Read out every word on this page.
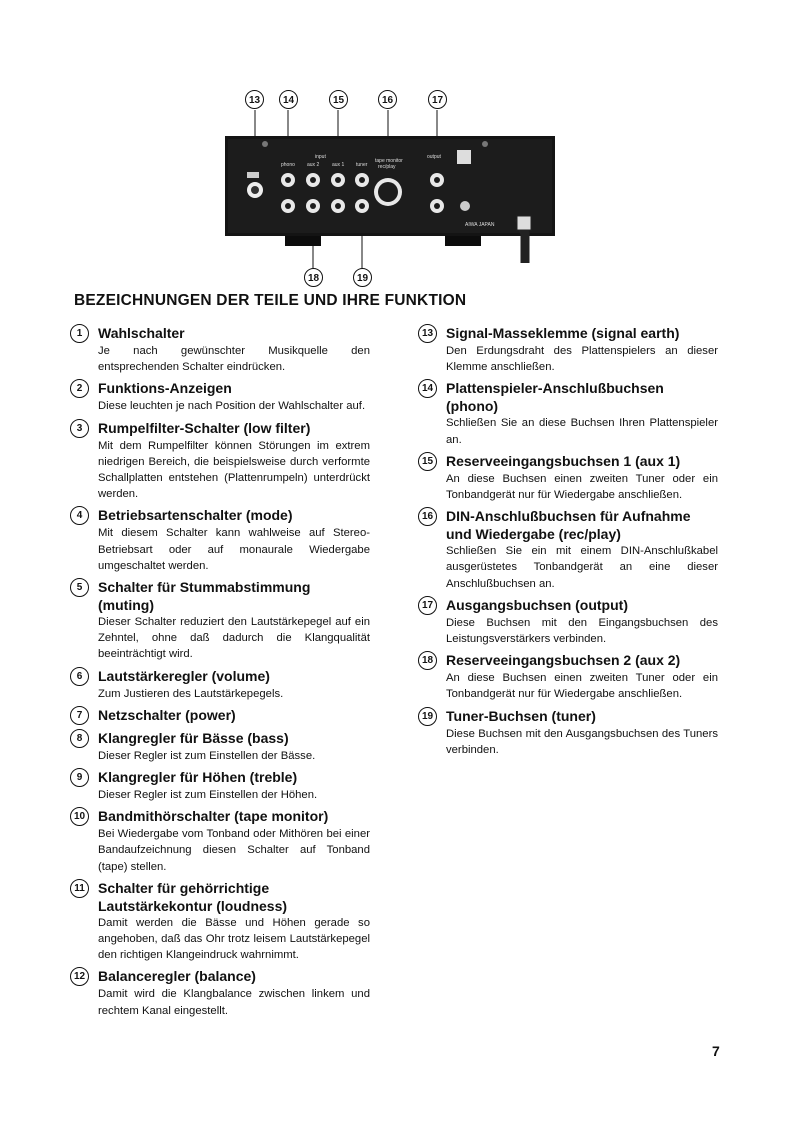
13	14	15	16	17
18	19
input
phono aux 2	aux 1 tuner
tape monitor
rec/play
output
AIWA JAPAN
BEZEICHNUNGEN DER TEILE UND IHRE FUNKTION
1	Wahlschalter
Je nach gewünschter Musikquelle den entsprechenden Schalter eindrücken.
2	Funktions-Anzeigen
Diese leuchten je nach Position der Wahlschalter auf.
3	Rumpelfilter-Schalter (low filter)
Mit dem Rumpelfilter können Störungen im extrem niedrigen Bereich, die beispielsweise durch verformte Schallplatten entstehen (Plattenrumpeln) unterdrückt werden.
4	Betriebsartenschalter (mode)
Mit diesem Schalter kann wahlweise auf Stereo-Betriebsart oder auf monaurale Wiedergabe umgeschaltet werden.
5	Schalter für Stummabstimmung (muting)
Dieser Schalter reduziert den Lautstärkepegel auf ein Zehntel, ohne daß dadurch die Klangqualität beeinträchtigt wird.
6	Lautstärkeregler (volume)
Zum Justieren des Lautstärkepegels.
7	Netzschalter (power)
8	Klangregler für Bässe (bass)
Dieser Regler ist zum Einstellen der Bässe.
9	Klangregler für Höhen (treble)
Dieser Regler ist zum Einstellen der Höhen.
10 Bandmithörschalter (tape monitor)
Bei Wiedergabe vom Tonband oder Mithören bei einer Bandaufzeichnung diesen Schalter auf Tonband (tape) stellen.
11 Schalter für gehörrichtige Lautstärkekontur (loudness)
Damit werden die Bässe und Höhen gerade so angehoben, daß das Ohr trotz leisem Lautstärkepegel den richtigen Klangeindruck wahrnimmt.
12 Balanceregler (balance)
Damit wird die Klangbalance zwischen linkem und rechtem Kanal eingestellt.
13 Signal-Masseklemme (signal earth)
Den Erdungsdraht des Plattenspielers an dieser Klemme anschließen.
14 Plattenspieler-Anschlußbuchsen (phono)
Schließen Sie an diese Buchsen Ihren Plattenspieler an.
15 Reserveeingangsbuchsen 1 (aux 1)
An diese Buchsen einen zweiten Tuner oder ein Tonbandgerät nur für Wiedergabe anschließen.
16 DIN-Anschlußbuchsen für Aufnahme und Wiedergabe (rec/play)
Schließen Sie ein mit einem DIN-Anschlußkabel ausgerüstetes Tonbandgerät an eine dieser Anschlußbuchsen an.
17 Ausgangsbuchsen (output)
Diese Buchsen mit den Eingangsbuchsen des Leistungsverstärkers verbinden.
18 Reserveeingangsbuchsen 2 (aux 2)
An diese Buchsen einen zweiten Tuner oder ein Tonbandgerät nur für Wiedergabe anschließen.
19 Tuner-Buchsen (tuner)
Diese Buchsen mit den Ausgangsbuchsen des Tuners verbinden.
7
